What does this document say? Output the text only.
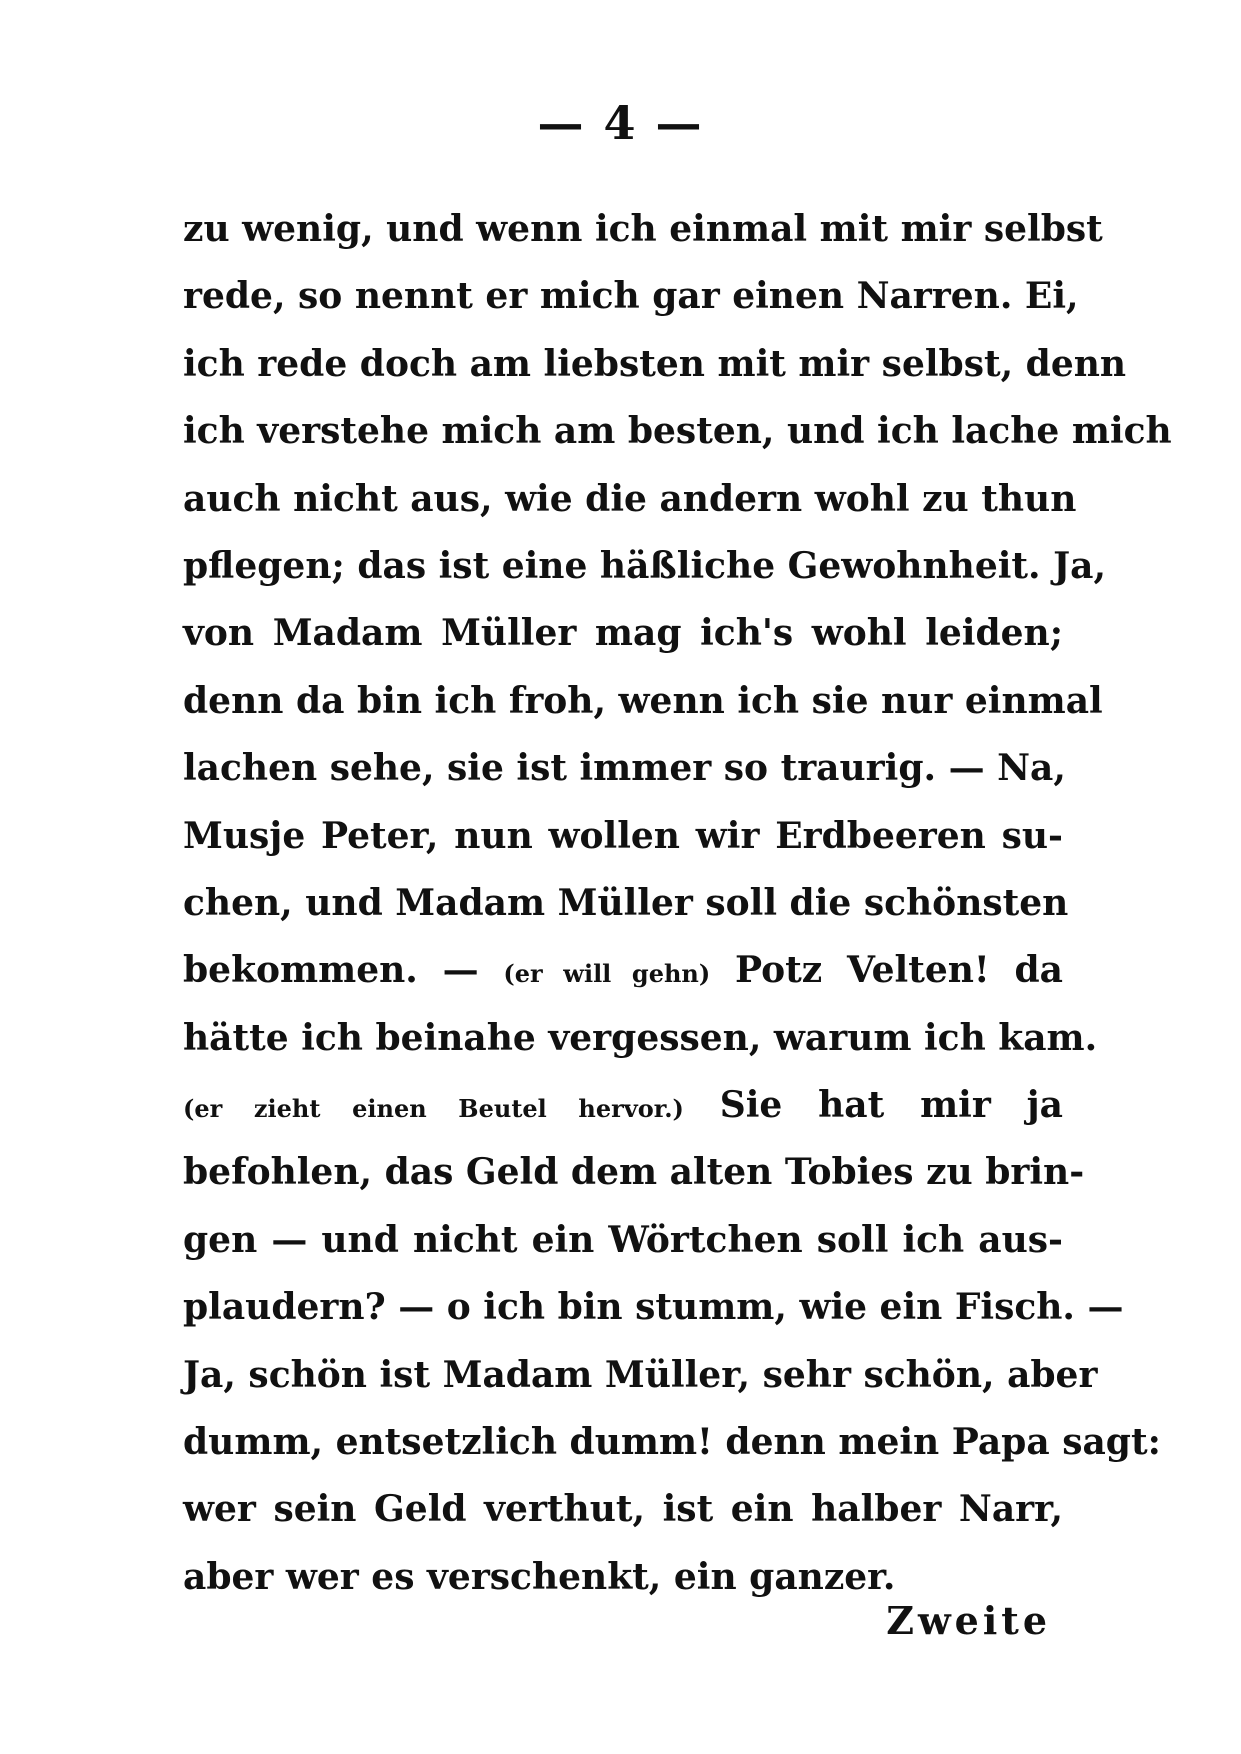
— 4 —
zu wenig, und wenn ich einmal mit mir selbst
rede, so nennt er mich gar einen Narren. Ei,
ich rede doch am liebsten mit mir selbst, denn
ich verstehe mich am besten, und ich lache mich
auch nicht aus, wie die andern wohl zu thun
pflegen; das ist eine häßliche Gewohnheit. Ja,
von Madam Müller mag ich's wohl leiden;
denn da bin ich froh, wenn ich sie nur einmal
lachen sehe, sie ist immer so traurig. — Na,
Musje Peter, nun wollen wir Erdbeeren su-
chen, und Madam Müller soll die schönsten
bekommen. — (er will gehn) Potz Velten! da
hätte ich beinahe vergessen, warum ich kam.
(er zieht einen Beutel hervor.) Sie hat mir ja
befohlen, das Geld dem alten Tobies zu brin-
gen — und nicht ein Wörtchen soll ich aus-
plaudern? — o ich bin stumm, wie ein Fisch. —
Ja, schön ist Madam Müller, sehr schön, aber
dumm, entsetzlich dumm! denn mein Papa sagt:
wer sein Geld verthut, ist ein halber Narr,
aber wer es verschenkt, ein ganzer.
Zweite
